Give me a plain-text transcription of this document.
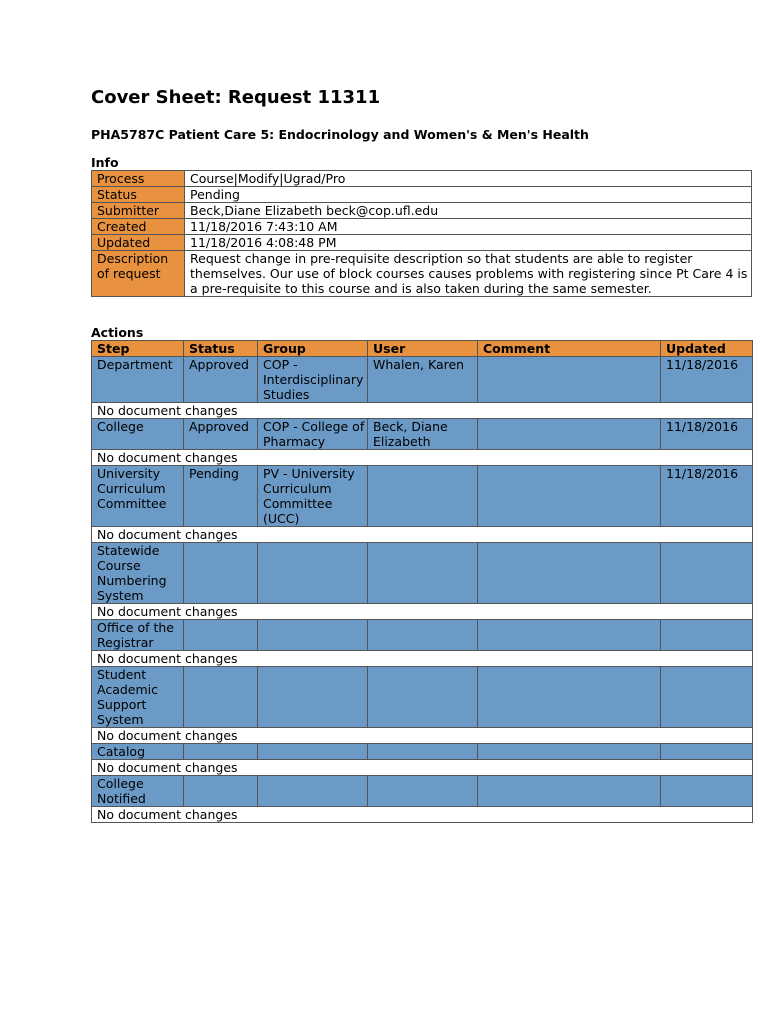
Cover Sheet: Request 11311
PHA5787C Patient Care 5: Endocrinology and Women's & Men's Health
Info
Process	Course|Modify|Ugrad/Pro
Status	Pending
Submitter	Beck,Diane Elizabeth beck@cop.ufl.edu
Created	11/18/2016 7:43:10 AM
Updated	11/18/2016 4:08:48 PM
Description of request	Request change in pre-requisite description so that students are able to register themselves. Our use of block courses causes problems with registering since Pt Care 4 is a pre-requisite to this course and is also taken during the same semester.
Actions
Step	Status	Group	User	Comment	Updated
Department	Approved	COP - Interdisciplinary Studies	Whalen, Karen		11/18/2016
No document changes					
College	Approved	COP - College of Pharmacy	Beck, Diane Elizabeth		11/18/2016
No document changes					
University Curriculum Committee	Pending	PV - University Curriculum Committee (UCC)			11/18/2016
No document changes					
Statewide Course Numbering System					
No document changes					
Office of the Registrar					
No document changes					
Student Academic Support System					
No document changes					
Catalog					
No document changes					
College Notified					
No document changes					
